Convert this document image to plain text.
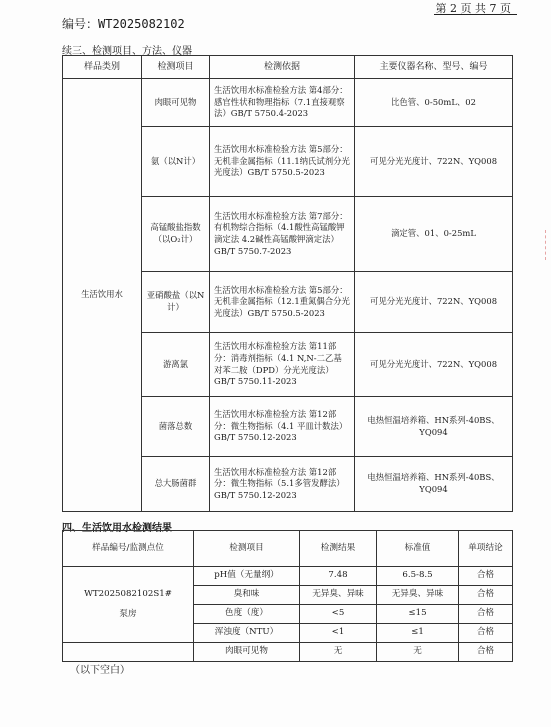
第 2 页 共 7 页
编号：WT2025082102
续三、检测项目、方法、仪器
样品类别	检测项目	检测依据	主要仪器名称、型号、编号
生活饮用水	肉眼可见物	生活饮用水标准检验方法 第4部分：感官性状和物理指标（7.1直接观察法）GB/T 5750.4-2023	比色管、0-50mL、02
	氨（以N计）	生活饮用水标准检验方法 第5部分：无机非金属指标（11.1纳氏试剂分光光度法）GB/T 5750.5-2023	可见分光光度计、722N、YQ008
	高锰酸盐指数（以O₂计）	生活饮用水标准检验方法 第7部分：有机物综合指标（4.1酸性高锰酸钾滴定法 4.2碱性高锰酸钾滴定法）GB/T 5750.7-2023	滴定管、01、0-25mL
	亚硝酸盐（以N计）	生活饮用水标准检验方法 第5部分：无机非金属指标（12.1重氮偶合分光光度法）GB/T 5750.5-2023	可见分光光度计、722N、YQ008
	游离氯	生活饮用水标准检验方法 第11部分：消毒剂指标（4.1 N,N-二乙基对苯二胺（DPD）分光光度法）GB/T 5750.11-2023	可见分光光度计、722N、YQ008
	菌落总数	生活饮用水标准检验方法 第12部分：微生物指标（4.1 平皿计数法）GB/T 5750.12-2023	电热恒温培养箱、HN系列-40BS、YQ094
	总大肠菌群	生活饮用水标准检验方法 第12部分：微生物指标（5.1多管发酵法）GB/T 5750.12-2023	电热恒温培养箱、HN系列-40BS、YQ094
四、生活饮用水检测结果
样品编号/监测点位	检测项目	检测结果	标准值	单项结论

WT2025082102S1#
泵房	pH值（无量纲）	7.48	6.5-8.5	合格
	臭和味	无异臭、异味	无异臭、异味	合格
	色度（度）	<5	≤15	合格
	浑浊度（NTU）	<1	≤1	合格
	肉眼可见物	无	无	合格
（以下空白）
